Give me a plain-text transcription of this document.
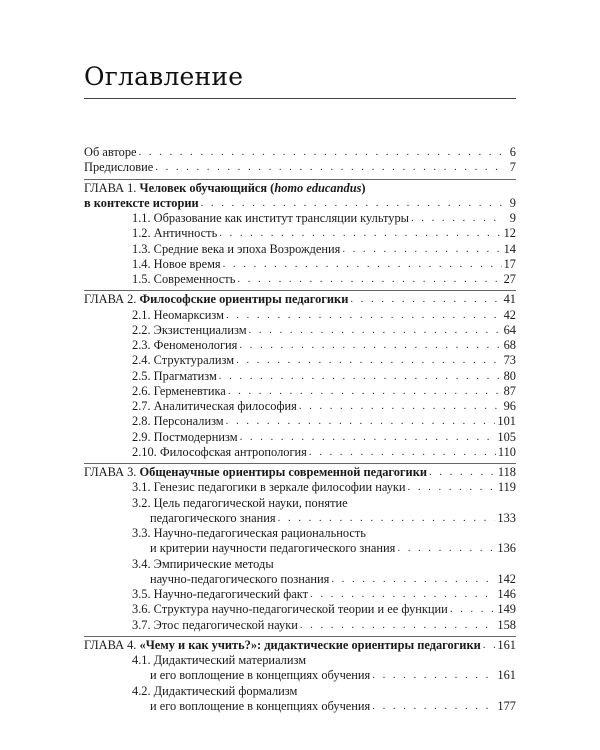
Оглавление
Об авторе . . .	6
Предисловие . . .	7
ГЛАВА 1. Человек обучающийся (homo educandus)
в контексте истории . . .	9
1.1. Образование как институт трансляции культуры . . .	9
1.2. Античность . . .	12
1.3. Средние века и эпоха Возрождения . . .	14
1.4. Новое время . . .	17
1.5. Современность . . .	27
ГЛАВА 2. Философские ориентиры педагогики . . .	41
2.1. Неомарксизм . . .	42
2.2. Экзистенциализм . . .	64
2.3. Феноменология . . .	68
2.4. Структурализм . . .	73
2.5. Прагматизм . . .	80
2.6. Герменевтика . . .	87
2.7. Аналитическая философия . . .	96
2.8. Персонализм . . .	101
2.9. Постмодернизм . . .	105
2.10. Философская антропология . . .	110
ГЛАВА 3. Общенаучные ориентиры современной педагогики . . .	118
3.1. Генезис педагогики в зеркале философии науки . . .	119
3.2. Цель педагогической науки, понятие
педагогического знания . . .	133
3.3. Научно-педагогическая рациональность
и критерии научности педагогического знания . . .	136
3.4. Эмпирические методы
научно-педагогического познания . . .	142
3.5. Научно-педагогический факт . . .	146
3.6. Структура научно-педагогической теории и ее функции . . .	149
3.7. Этос педагогической науки . . .	158
ГЛАВА 4. «Чему и как учить?»: дидактические ориентиры педагогики . . . 161
4.1. Дидактический материализм
и его воплощение в концепциях обучения . . .	161
4.2. Дидактический формализм
и его воплощение в концепциях обучения . . .	177
